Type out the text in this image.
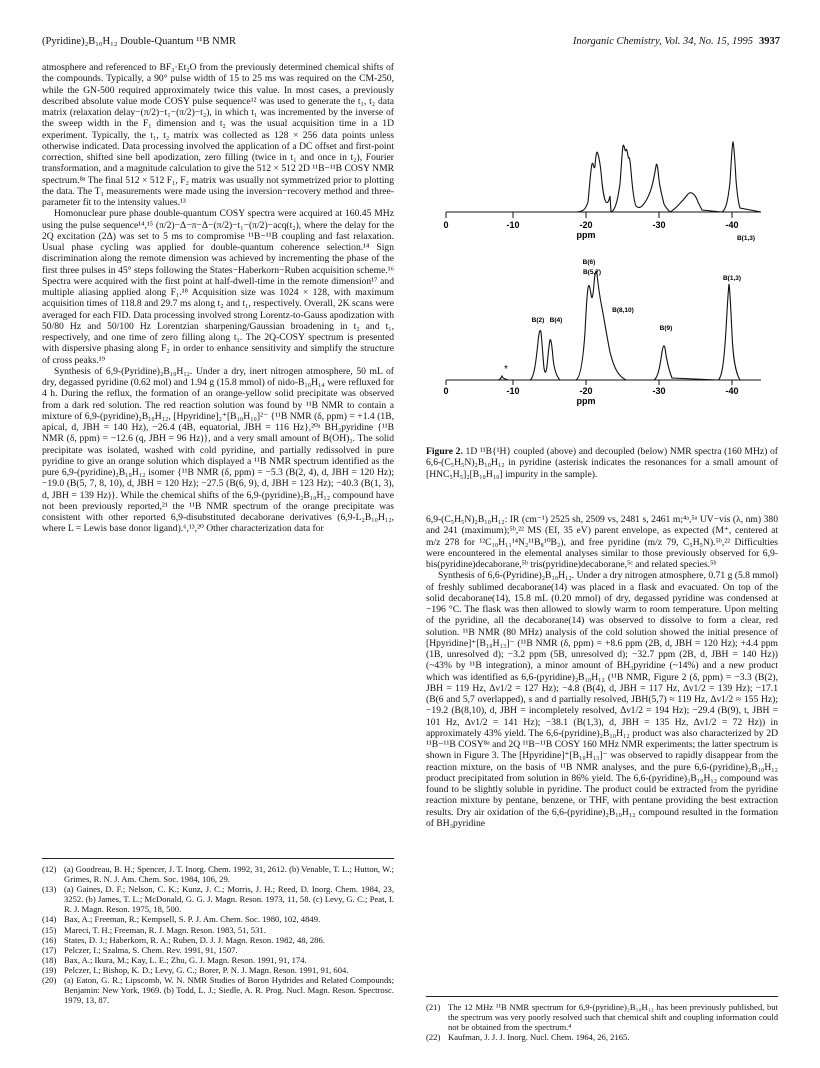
(Pyridine)₂B₁₀H₁₂ Double-Quantum ¹¹B NMR	Inorganic Chemistry, Vol. 34, No. 15, 1995 3937

atmosphere and referenced to BF₃·Et₂O from the previously determined chemical shifts of the compounds. Typically, a 90° pulse width of 15 to 25 ms was required on the CM-250, while the GN-500 required approximately twice this value. In most cases, a previously described absolute value mode COSY pulse sequence¹² was used to generate the t₁, t₂ data matrix (relaxation delay−(π/2)−t₁−(π/2)−t₂), in which t₁ was incremented by the inverse of the sweep width in the F₁ dimension and t₂ was the usual acquisition time in a 1D experiment. Typically, the t₁, t₂ matrix was collected as 128 × 256 data points unless otherwise indicated. Data processing involved the application of a DC offset and first-point correction, shifted sine bell apodization, zero filling (twice in t₁ and once in t₂), Fourier transformation, and a magnitude calculation to give the 512 × 512 2D ¹¹B−¹¹B COSY NMR spectrum.⁸ᵃ The final 512 × 512 F₁, F₂ matrix was usually not symmetrized prior to plotting the data. The T₁ measurements were made using the inversion−recovery method and three-parameter fit to the intensity values.¹³

Homonuclear pure phase double-quantum COSY spectra were acquired at 160.45 MHz using the pulse sequence¹⁴,¹⁵ (π/2)−Δ−π−Δ−(π/2)−t₁−(π/2)−acq(t₂), where the delay for the 2Q excitation (2Δ) was set to 5 ms to compromise ¹¹B−¹¹B coupling and fast relaxation. Usual phase cycling was applied for double-quantum coherence selection.¹⁴ Sign discrimination along the remote dimension was achieved by incrementing the phase of the first three pulses in 45° steps following the States−Haberkorn−Ruben acquisition scheme.¹⁶ Spectra were acquired with the first point at half-dwell-time in the remote dimension¹⁷ and multiple aliasing applied along F₁.¹⁸ Acquisition size was 1024 × 128, with maximum acquisition times of 118.8 and 29.7 ms along t₂ and t₁, respectively. Overall, 2K scans were averaged for each FID. Data processing involved strong Lorentz-to-Gauss apodization with 50/80 Hz and 50/100 Hz Lorentzian sharpening/Gaussian broadening in t₂ and t₁, respectively, and one time of zero filling along t₁. The 2Q-COSY spectrum is presented with dispersive phasing along F₂ in order to enhance sensitivity and simplify the structure of cross peaks.¹⁹

Synthesis of 6,9-(Pyridine)₂B₁₀H₁₂. Under a dry, inert nitrogen atmosphere, 50 mL of dry, degassed pyridine (0.62 mol) and 1.94 g (15.8 mmol) of nido-B₁₀H₁₄ were refluxed for 4 h. During the reflux, the formation of an orange-yellow solid precipitate was observed from a dark red solution. The red reaction solution was found by ¹¹B NMR to contain a mixture of 6,9-(pyridine)₂B₁₀H₁₂, [Hpyridine]₂⁺[B₁₀H₁₀]²⁻ {¹¹B NMR (δ, ppm) = +1.4 (1B, apical, d, JBH = 140 Hz), −26.4 (4B, equatorial, JBH = 116 Hz},²⁰ᵃ BH₃pyridine {¹¹B NMR (δ, ppm) = −12.6 (q, JBH = 96 Hz)}, and a very small amount of B(OH)₃. The solid precipitate was isolated, washed with cold pyridine, and partially redissolved in pure pyridine to give an orange solution which displayed a ¹¹B NMR spectrum identified as the pure 6,9-(pyridine)₂B₁₀H₁₂ isomer {¹¹B NMR (δ, ppm) = −5.3 (B(2, 4), d, JBH = 120 Hz); −19.0 (B(5, 7, 8, 10), d, JBH = 120 Hz); −27.5 (B(6, 9), d, JBH = 123 Hz); −40.3 (B(1, 3), d, JBH = 139 Hz)}. While the chemical shifts of the 6,9-(pyridine)₂B₁₀H₁₂ compound have not been previously reported,²¹ the ¹¹B NMR spectrum of the orange precipitate was consistent with other reported 6,9-disubstituted decaborane derivatives (6,9-L₂B₁₀H₁₂, where L = Lewis base donor ligand).⁶,¹³,²⁰ Other characterization data for

(12) (a) Goodreau, B. H.; Spencer, J. T. Inorg. Chem. 1992, 31, 2612. (b) Venable, T. L.; Hutton, W.; Grimes, R. N. J. Am. Chem. Soc. 1984, 106, 29.

(13) (a) Gaines, D. F.; Nelson, C. K.; Kunz, J. C.; Morris, J. H.; Reed, D. Inorg. Chem. 1984, 23, 3252. (b) James, T. L.; McDonald, G. G. J. Magn. Reson. 1973, 11, 58. (c) Levy, G. C.; Peat, I. R. J. Magn. Reson. 1975, 18, 500.

(14) Bax, A.; Freeman, R.; Kempsell, S. P. J. Am. Chem. Soc. 1980, 102, 4849.

(15) Mareci, T. H.; Freeman, R. J. Magn. Reson. 1983, 51, 531.

(16) States, D. J.; Haberkorn, R. A.; Ruben, D. J. J. Magn. Reson. 1982, 48, 286.

(17) Pelczer, I.; Szalma, S. Chem. Rev. 1991, 91, 1507.

(18) Bax, A.; Ikura, M.; Kay, L. E.; Zhu, G. J. Magn. Reson. 1991, 91, 174.

(19) Pelczer, I.; Bishop, K. D.; Levy, G. C.; Borer, P. N. J. Magn. Reson. 1991, 91, 604.

(20) (a) Eaton, G. R.; Lipscomb, W. N. NMR Studies of Boron Hydrides and Related Compounds; Benjamin: New York, 1969. (b) Todd, L. J.; Siedle, A. R. Prog. Nucl. Magn. Reson. Spectrosc. 1979, 13, 87.

0	-10	-20	-30	-40
ppm	B(1,3)
0	-10	-20	-30	-40
ppm
B(6)
B(5,7)
B(8,10)
B(2) B(4)
B(9)
B(1,3)
*
Figure 2. 1D ¹¹B{¹H} coupled (above) and decoupled (below) NMR spectra (160 MHz) of 6,6-(C₅H₅N)₂B₁₀H₁₂ in pyridine (asterisk indicates the resonances for a small amount of [HNC₅H₅]₂[B₁₀H₁₀] impurity in the sample).

6,9-(C₅H₅N)₂B₁₀H₁₂: IR (cm⁻¹) 2525 sh, 2509 vs, 2481 s, 2461 m;⁴ᵃ,⁵ᵃ UV−vis (λ, nm) 380 and 241 (maximum);⁵ᵇ,²² MS (EI, 35 eV) parent envelope, as expected (M⁺, centered at m/z 278 for ¹²C₁₀H₁₁¹⁴N₂¹¹B₈¹⁰B₂), and free pyridine (m/z 79, C₅H₅N).⁵ᵇ,²² Difficulties were encountered in the elemental analyses similar to those previously observed for 6,9-bis(pyridine)decaborane,⁵ᵇ tris(pyridine)decaborane,⁵ᶜ and related species.⁵ᵇ

Synthesis of 6,6-(Pyridine)₂B₁₀H₁₂. Under a dry nitrogen atmosphere, 0.71 g (5.8 mmol) of freshly sublimed decaborane(14) was placed in a flask and evacuated. On top of the solid decaborane(14), 15.8 mL (0.20 mmol) of dry, degassed pyridine was condensed at −196 °C. The flask was then allowed to slowly warm to room temperature. Upon melting of the pyridine, all the decaborane(14) was observed to dissolve to form a clear, red solution. ¹¹B NMR (80 MHz) analysis of the cold solution showed the initial presence of [Hpyridine]⁺[B₁₀H₁₃]⁻ (¹¹B NMR (δ, ppm) = +8.6 ppm (2B, d, JBH = 120 Hz); +4.4 ppm (1B, unresolved d); −3.2 ppm (5B, unresolved d); −32.7 ppm (2B, d, JBH = 140 Hz)) (~43% by ¹¹B integration), a minor amount of BH₃pyridine (~14%) and a new product which was identified as 6,6-(pyridine)₂B₁₀H₁₂ (¹¹B NMR, Figure 2 (δ, ppm) = −3.3 (B(2), JBH = 119 Hz, Δν1/2 = 127 Hz); −4.8 (B(4), d, JBH = 117 Hz, Δν1/2 = 139 Hz); −17.1 (B(6 and 5,7 overlapped), s and d partially resolved, JBH(5,7) ≈ 119 Hz, Δν1/2 ≈ 155 Hz); −19.2 (B(8,10), d, JBH = incompletely resolved, Δν1/2 = 194 Hz); −29.4 (B(9), t, JBH = 101 Hz, Δν1/2 = 141 Hz); −38.1 (B(1,3), d, JBH = 135 Hz, Δν1/2 = 72 Hz)) in approximately 43% yield. The 6,6-(pyridine)₂B₁₀H₁₂ product was also characterized by 2D ¹¹B−¹¹B COSY⁸ᵃ and 2Q ¹¹B−¹¹B COSY 160 MHz NMR experiments; the latter spectrum is shown in Figure 3. The [Hpyridine]⁺[B₁₀H₁₃]⁻ was observed to rapidly disappear from the reaction mixture, on the basis of ¹¹B NMR analyses, and the pure 6,6-(pyridine)₂B₁₀H₁₂ product precipitated from solution in 86% yield. The 6,6-(pyridine)₂B₁₀H₁₂ compound was found to be slightly soluble in pyridine. The product could be extracted from the pyridine reaction mixture by pentane, benzene, or THF, with pentane providing the best extraction results. Dry air oxidation of the 6,6-(pyridine)₂B₁₀H₁₂ compound resulted in the formation of BH₃pyridine

(21) The 12 MHz ¹¹B NMR spectrum for 6,9-(pyridine)₂B₁₀H₁₂ has been previously published, but the spectrum was very poorly resolved such that chemical shift and coupling information could not be obtained from the spectrum.⁴

(22) Kaufman, J. J. J. Inorg. Nucl. Chem. 1964, 26, 2165.
